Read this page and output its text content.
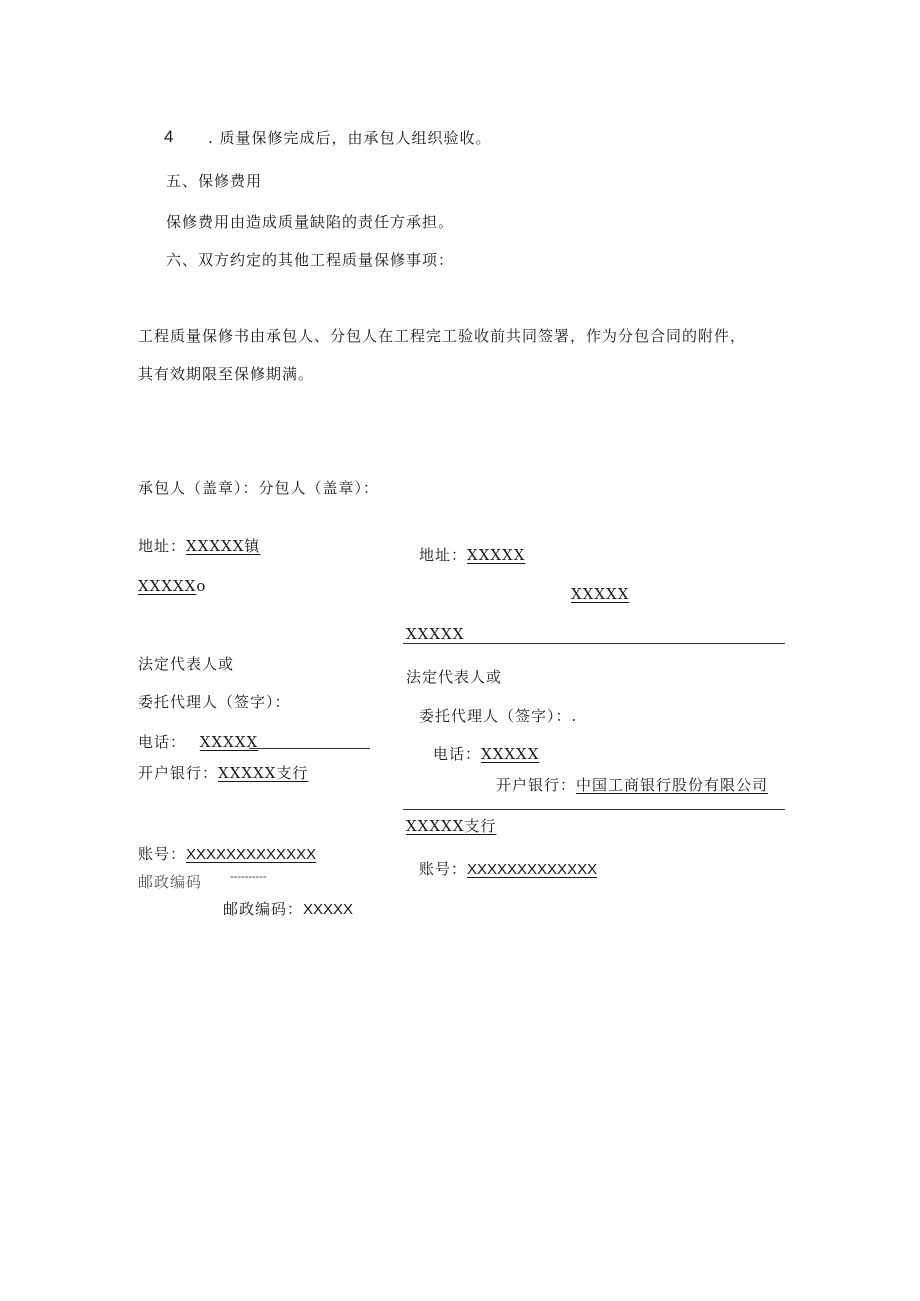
4 . 质量保修完成后，由承包人组织验收。
五、保修费用
保修费用由造成质量缺陷的责任方承担。
六、双方约定的其他工程质量保修事项：
工程质量保修书由承包人、分包人在工程完工验收前共同签署，作为分包合同的附件，
其有效期限至保修期满。
承包人（盖章）：分包人（盖章）：
地址：XXXXX镇
XXXXXo
法定代表人或
委托代理人（签字）：
电话： XXXXX
开户银行：XXXXX支行
账号：XXXXXXXXXXXXX
邮政编码	----------
邮政编码：XXXXX
地址：XXXXX
XXXXX
XXXXX
法定代表人或
委托代理人（签字）：.
电话：XXXXX
开户银行：中国工商银行股份有限公司
XXXXX支行
账号：XXXXXXXXXXXXX
